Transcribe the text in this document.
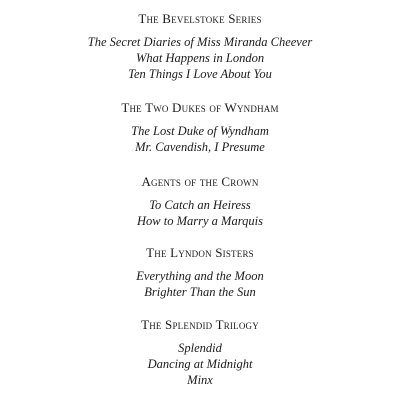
The Bevelstoke Series
The Secret Diaries of Miss Miranda Cheever
What Happens in London
Ten Things I Love About You
The Two Dukes of Wyndham
The Lost Duke of Wyndham
Mr. Cavendish, I Presume
Agents of the Crown
To Catch an Heiress
How to Marry a Marquis
The Lyndon Sisters
Everything and the Moon
Brighter Than the Sun
The Splendid Trilogy
Splendid
Dancing at Midnight
Minx
